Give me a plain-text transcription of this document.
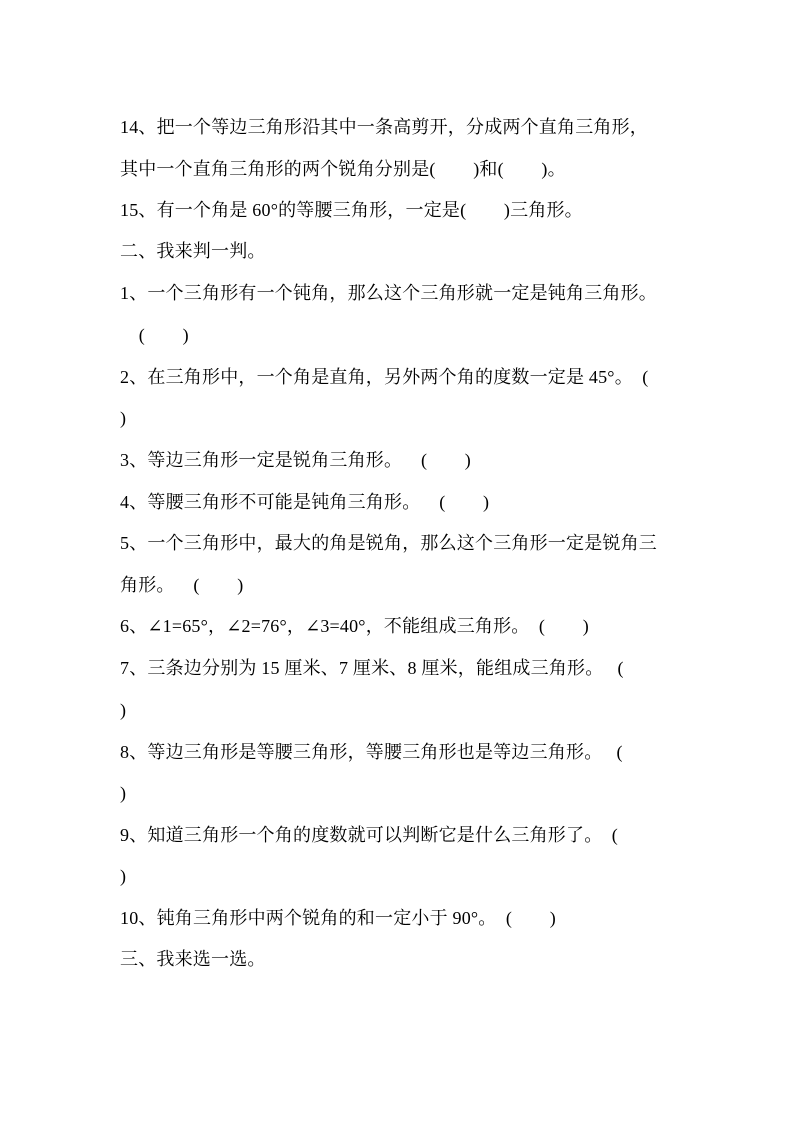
14、把一个等边三角形沿其中一条高剪开，分成两个直角三角形，
其中一个直角三角形的两个锐角分别是(        )和(        )。
15、有一个角是 60°的等腰三角形，一定是(        )三角形。
二、我来判一判。
1、一个三角形有一个钝角，那么这个三角形就一定是钝角三角形。
(        )
2、在三角形中，一个角是直角，另外两个角的度数一定是 45°。  (
)
3、等边三角形一定是锐角三角形。    (        )
4、等腰三角形不可能是钝角三角形。    (        )
5、一个三角形中，最大的角是锐角，那么这个三角形一定是锐角三
角形。    (        )
6、∠1=65°，∠2=76°，∠3=40°，不能组成三角形。  (        )
7、三条边分别为 15 厘米、7 厘米、8 厘米，能组成三角形。   (
)
8、等边三角形是等腰三角形，等腰三角形也是等边三角形。   (
)
9、知道三角形一个角的度数就可以判断它是什么三角形了。  (
)
10、钝角三角形中两个锐角的和一定小于 90°。  (        )
三、我来选一选。
